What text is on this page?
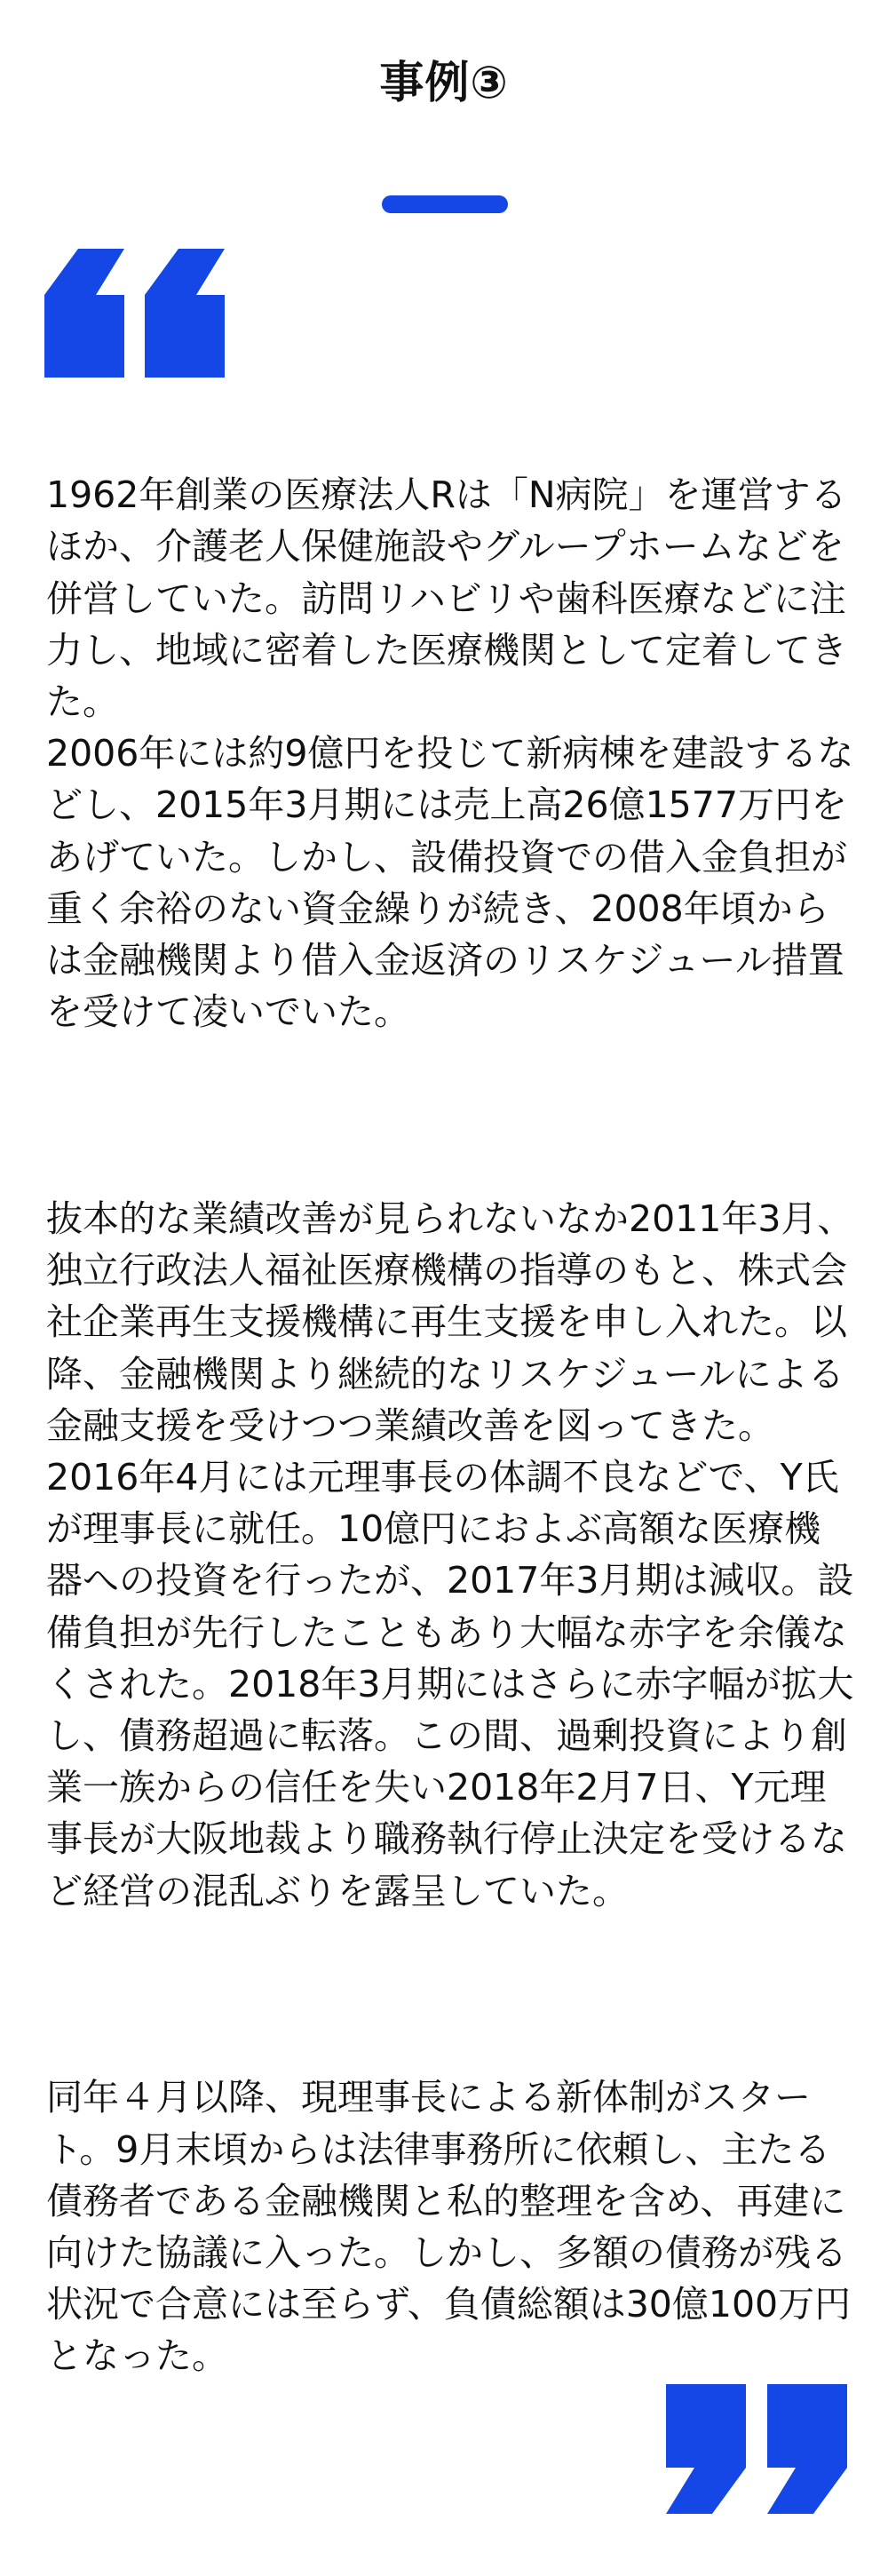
事例③

1962年創業の医療法人Rは「N病院」を運営するほか、介護老人保健施設やグループホームなどを併営していた。訪問リハビリや歯科医療などに注力し、地域に密着した医療機関として定着してきた。
2006年には約9億円を投じて新病棟を建設するなどし、2015年3月期には売上高26億1577万円をあげていた。しかし、設備投資での借入金負担が重く余裕のない資金繰りが続き、2008年頃からは金融機関より借入金返済のリスケジュール措置を受けて凌いでいた。

抜本的な業績改善が見られないなか2011年3月、独立行政法人福祉医療機構の指導のもと、株式会社企業再生支援機構に再生支援を申し入れた。以降、金融機関より継続的なリスケジュールによる金融支援を受けつつ業績改善を図ってきた。
2016年4月には元理事長の体調不良などで、Y氏が理事長に就任。10億円におよぶ高額な医療機器への投資を行ったが、2017年3月期は減収。設備負担が先行したこともあり大幅な赤字を余儀なくされた。2018年3月期にはさらに赤字幅が拡大し、債務超過に転落。この間、過剰投資により創業一族からの信任を失い2018年2月7日、Y元理事長が大阪地裁より職務執行停止決定を受けるなど経営の混乱ぶりを露呈していた。

同年４月以降、現理事長による新体制がスタート。9月末頃からは法律事務所に依頼し、主たる債務者である金融機関と私的整理を含め、再建に向けた協議に入った。しかし、多額の債務が残る状況で合意には至らず、負債総額は30億100万円となった。
